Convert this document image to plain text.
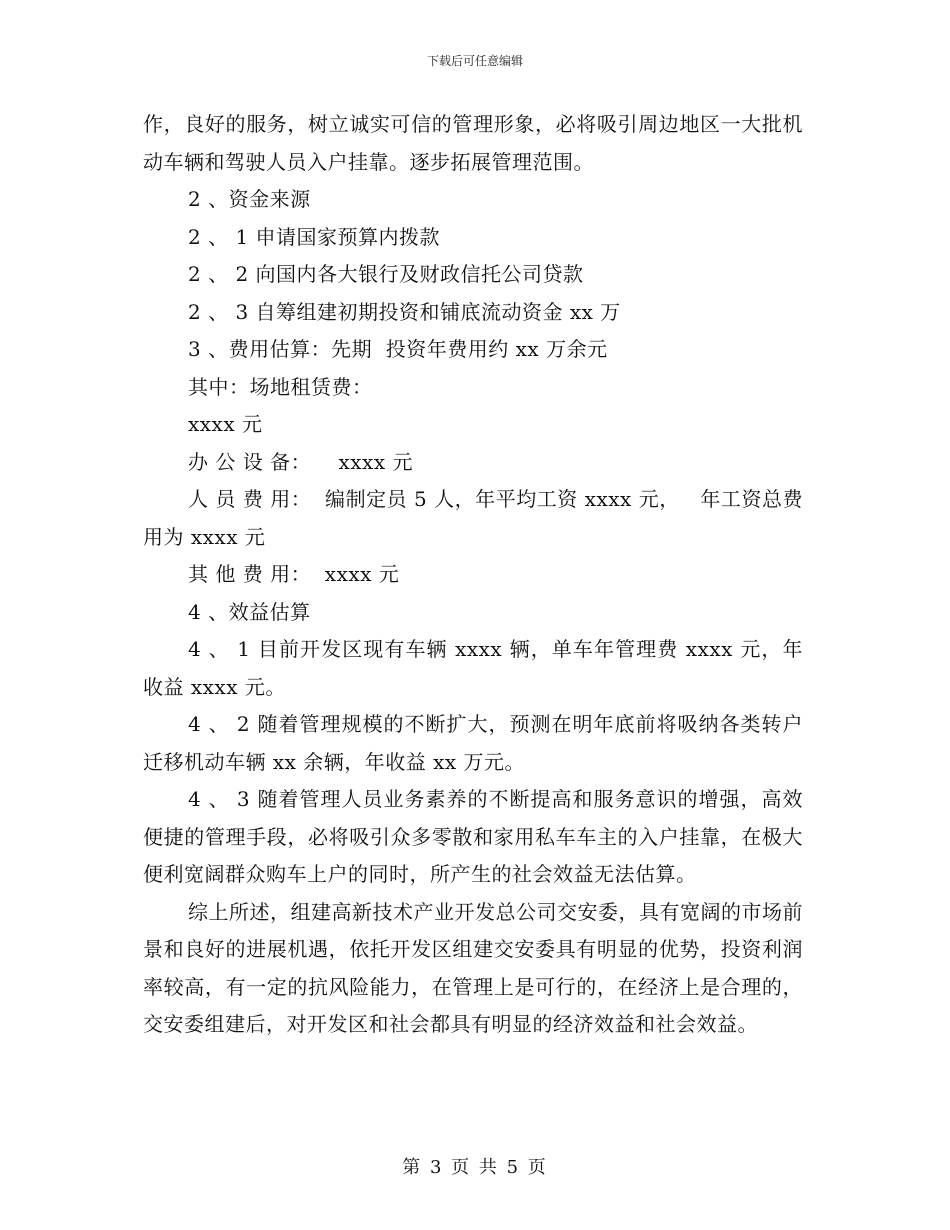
下载后可任意编辑

作，良好的服务，树立诚实可信的管理形象，必将吸引周边地区一大批机动车辆和驾驶人员入户挂靠。逐步拓展管理范围。

2 、资金来源

2 、 1 申请国家预算内拨款

2 、 2 向国内各大银行及财政信托公司贷款

2 、 3 自筹组建初期投资和铺底流动资金 xx 万

3 、费用估算：先期  投资年费用约 xx 万余元

其中：场地租赁费：

xxxx 元

办 公 设 备：    xxxx 元

人 员 费 用：  编制定员 5 人，年平均工资 xxxx 元，   年工资总费用为 xxxx 元

其 他 费 用：  xxxx 元

4 、效益估算

4 、 1 目前开发区现有车辆 xxxx 辆，单车年管理费 xxxx 元，年收益 xxxx 元。

4 、 2 随着管理规模的不断扩大，预测在明年底前将吸纳各类转户迁移机动车辆 xx 余辆，年收益 xx 万元。

4 、 3 随着管理人员业务素养的不断提高和服务意识的增强，高效便捷的管理手段，必将吸引众多零散和家用私车车主的入户挂靠，在极大便利宽阔群众购车上户的同时，所产生的社会效益无法估算。

综上所述，组建高新技术产业开发总公司交安委，具有宽阔的市场前景和良好的进展机遇，依托开发区组建交安委具有明显的优势，投资利润率较高，有一定的抗风险能力，在管理上是可行的，在经济上是合理的，交安委组建后，对开发区和社会都具有明显的经济效益和社会效益。

第 3 页 共 5 页
